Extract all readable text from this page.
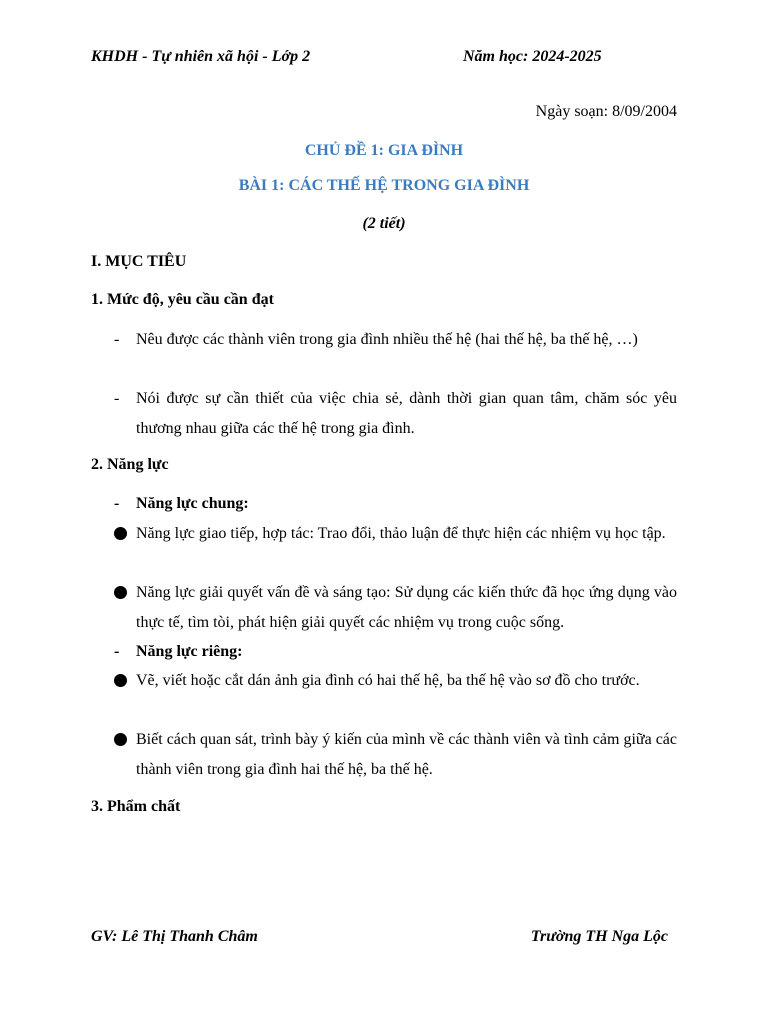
KHDH - Tự nhiên xã hội - Lớp 2	Năm học: 2024-2025
Ngày soạn: 8/09/2004
CHỦ ĐỀ 1: GIA ĐÌNH
BÀI 1: CÁC THẾ HỆ TRONG GIA ĐÌNH
(2 tiết)
I. MỤC TIÊU
1. Mức độ, yêu cầu cần đạt
-	Nêu được các thành viên trong gia đình nhiều thế hệ (hai thế hệ, ba thế hệ, …)
-	Nói được sự cần thiết của việc chia sẻ, dành thời gian quan tâm, chăm sóc yêu thương nhau giữa các thế hệ trong gia đình.
2. Năng lực
-	Năng lực chung:
Năng lực giao tiếp, hợp tác: Trao đổi, thảo luận để thực hiện các nhiệm vụ học tập.
Năng lực giải quyết vấn đề và sáng tạo: Sử dụng các kiến thức đã học ứng dụng vào thực tế, tìm tòi, phát hiện giải quyết các nhiệm vụ trong cuộc sống.
-	Năng lực riêng:
Vẽ, viết hoặc cắt dán ảnh gia đình có hai thế hệ, ba thế hệ vào sơ đồ cho trước.
Biết cách quan sát, trình bày ý kiến của mình về các thành viên và tình cảm giữa các thành viên trong gia đình hai thế hệ, ba thế hệ.
3. Phẩm chất
GV: Lê Thị Thanh Châm	Trường TH Nga Lộc
